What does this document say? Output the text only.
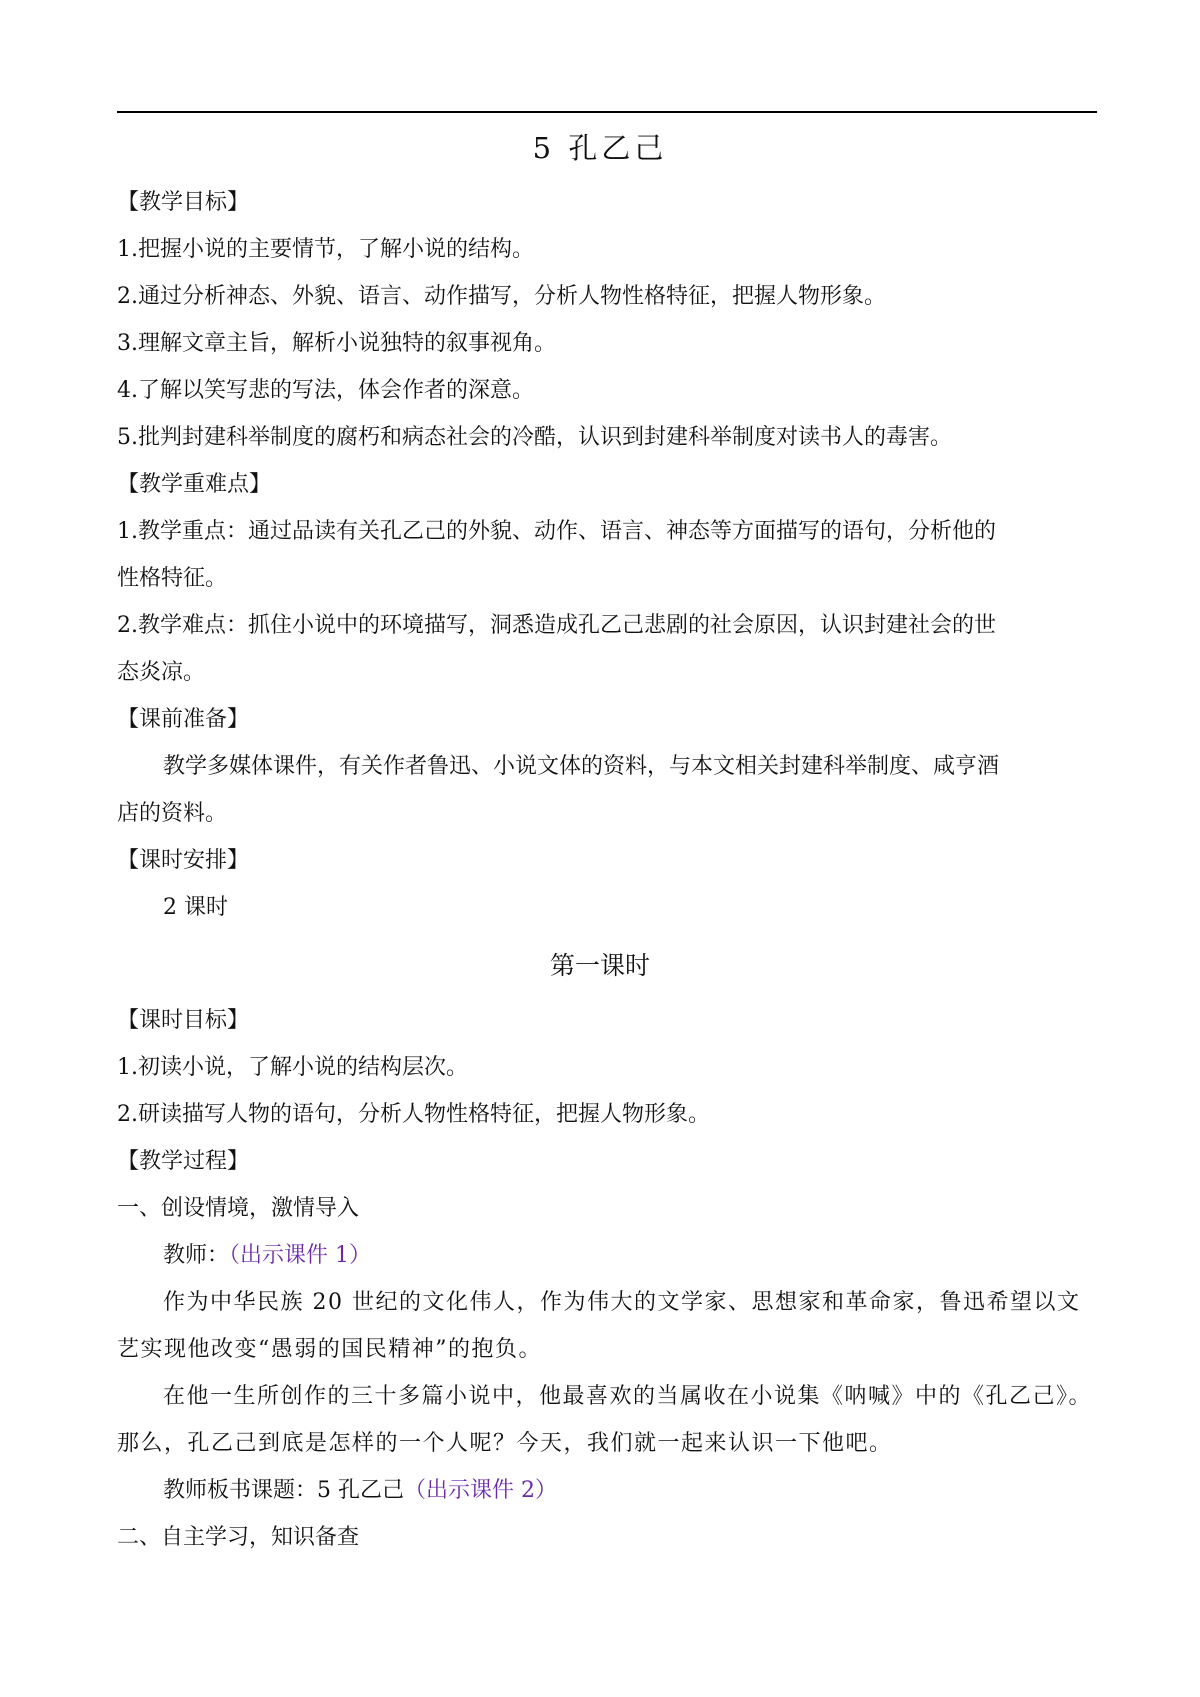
5 孔乙己
【教学目标】
1.把握小说的主要情节，了解小说的结构。
2.通过分析神态、外貌、语言、动作描写，分析人物性格特征，把握人物形象。
3.理解文章主旨，解析小说独特的叙事视角。
4.了解以笑写悲的写法，体会作者的深意。
5.批判封建科举制度的腐朽和病态社会的冷酷，认识到封建科举制度对读书人的毒害。
【教学重难点】
1.教学重点：通过品读有关孔乙己的外貌、动作、语言、神态等方面描写的语句，分析他的
性格特征。
2.教学难点：抓住小说中的环境描写，洞悉造成孔乙己悲剧的社会原因，认识封建社会的世
态炎凉。
【课前准备】
教学多媒体课件，有关作者鲁迅、小说文体的资料，与本文相关封建科举制度、咸亨酒
店的资料。
【课时安排】
2 课时
第一课时
【课时目标】
1.初读小说，了解小说的结构层次。
2.研读描写人物的语句，分析人物性格特征，把握人物形象。
【教学过程】
一、创设情境，激情导入
教师：（出示课件 1）
作为中华民族 20 世纪的文化伟人，作为伟大的文学家、思想家和革命家，鲁迅希望以文
艺实现他改变“愚弱的国民精神”的抱负。
在他一生所创作的三十多篇小说中，他最喜欢的当属收在小说集《呐喊》中的《孔乙己》。
那么，孔乙己到底是怎样的一个人呢？今天，我们就一起来认识一下他吧。
教师板书课题：5 孔乙己（出示课件 2）
二、自主学习，知识备查
